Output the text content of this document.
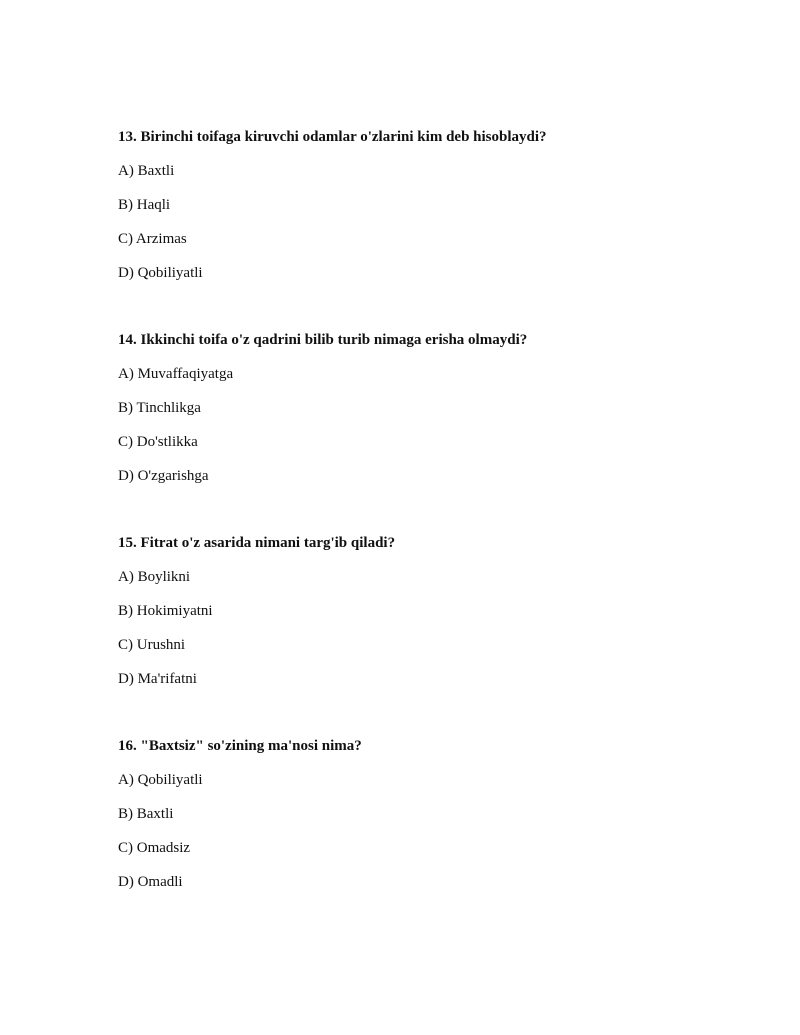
13. Birinchi toifaga kiruvchi odamlar o'zlarini kim deb hisoblaydi?
A) Baxtli
B) Haqli
C) Arzimas
D) Qobiliyatli
14. Ikkinchi toifa o'z qadrini bilib turib nimaga erisha olmaydi?
A) Muvaffaqiyatga
B) Tinchlikga
C) Do'stlikka
D) O'zgarishga
15. Fitrat o'z asarida nimani targ'ib qiladi?
A) Boylikni
B) Hokimiyatni
C) Urushni
D) Ma'rifatni
16. "Baxtsiz" so'zining ma'nosi nima?
A) Qobiliyatli
B) Baxtli
C) Omadsiz
D) Omadli
